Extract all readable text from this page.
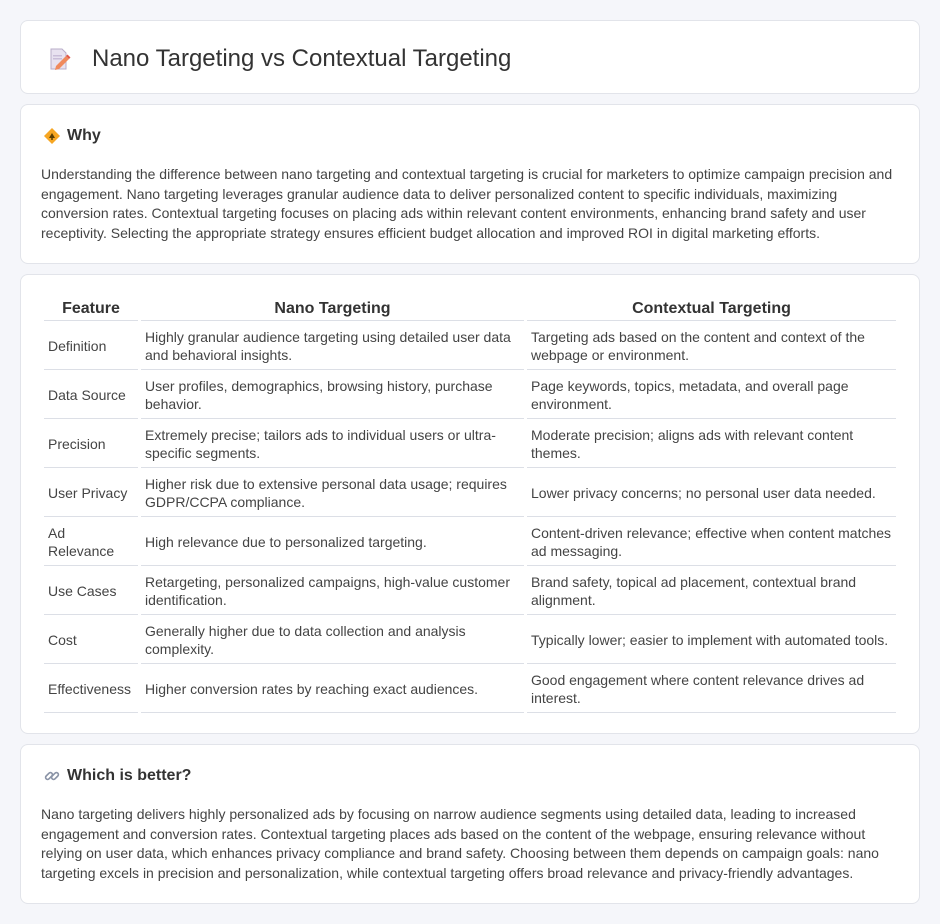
Nano Targeting vs Contextual Targeting
Why

Understanding the difference between nano targeting and contextual targeting is crucial for marketers to optimize campaign precision and engagement. Nano targeting leverages granular audience data to deliver personalized content to specific individuals, maximizing conversion rates. Contextual targeting focuses on placing ads within relevant content environments, enhancing brand safety and user receptivity. Selecting the appropriate strategy ensures efficient budget allocation and improved ROI in digital marketing efforts.

Feature	Nano Targeting	Contextual Targeting
Definition	Highly granular audience targeting using detailed user data and behavioral insights.	Targeting ads based on the content and context of the webpage or environment.
Data Source	User profiles, demographics, browsing history, purchase behavior.	Page keywords, topics, metadata, and overall page environment.
Precision	Extremely precise; tailors ads to individual users or ultra-specific segments.	Moderate precision; aligns ads with relevant content themes.
User Privacy	Higher risk due to extensive personal data usage; requires GDPR/CCPA compliance.	Lower privacy concerns; no personal user data needed.
Ad Relevance	High relevance due to personalized targeting.	Content-driven relevance; effective when content matches ad messaging.
Use Cases	Retargeting, personalized campaigns, high-value customer identification.	Brand safety, topical ad placement, contextual brand alignment.
Cost	Generally higher due to data collection and analysis complexity.	Typically lower; easier to implement with automated tools.
Effectiveness	Higher conversion rates by reaching exact audiences.	Good engagement where content relevance drives ad interest.
Which is better?

Nano targeting delivers highly personalized ads by focusing on narrow audience segments using detailed data, leading to increased engagement and conversion rates. Contextual targeting places ads based on the content of the webpage, ensuring relevance without relying on user data, which enhances privacy compliance and brand safety. Choosing between them depends on campaign goals: nano targeting excels in precision and personalization, while contextual targeting offers broad relevance and privacy-friendly advantages.
